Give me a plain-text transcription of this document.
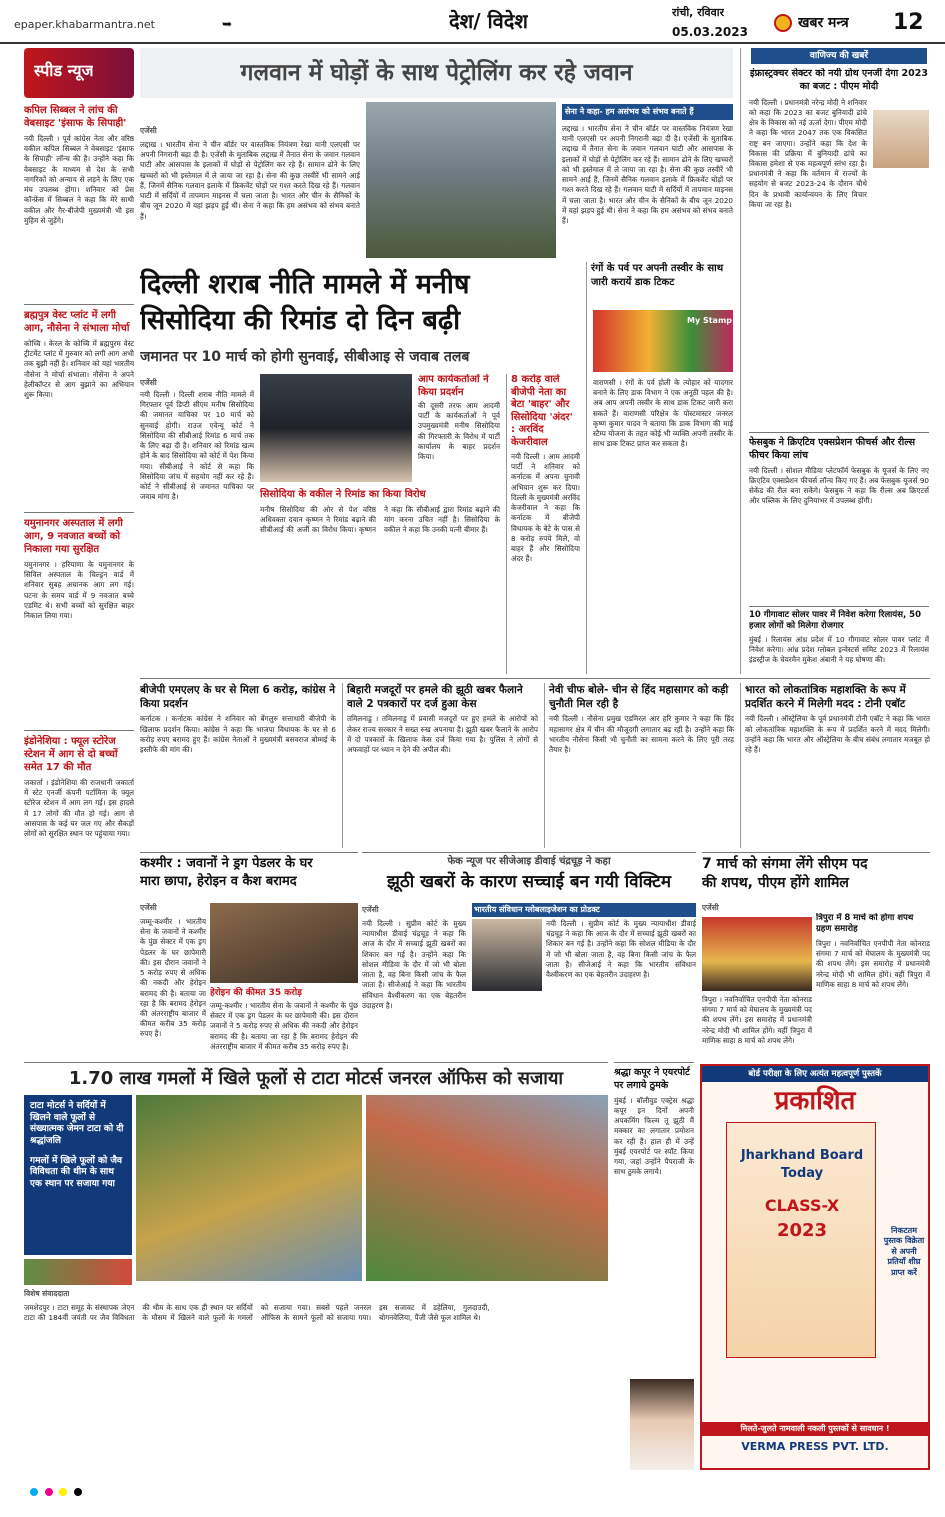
epaper.khabarmantra.net	➥	देश/ विदेश	रांची, रविवार
05.03.2023
खबर मन्त्र 12
स्पीड न्यूज
कपिल सिब्बल ने लांच की वेबसाइट 'इंसाफ के सिपाही'
नयी दिल्ली । पूर्व कांग्रेस नेता और वरिष्ठ वकील कपिल सिब्बल ने वेबसाइट 'इंसाफ के सिपाही' लॉन्च की है। उन्होंने कहा कि वेबसाइट के माध्यम से देश के सभी नागरिकों को अन्याय से लड़ने के लिए एक मंच उपलब्ध होगा। शनिवार को प्रेस कॉन्फ्रेंस में सिब्बल ने कहा कि मेरे साथी वकील और गैर-बीजेपी मुख्यमंत्री भी इस मुहिम से जुड़ेंगे।
ब्रह्मपुत्र वेस्ट प्लांट में लगी आग, नौसेना ने संभाला मोर्चा
कोच्चि । केरल के कोच्चि में ब्रह्मपुरम वेस्ट ट्रीटमेंट प्लांट में गुरुवार को लगी आग अभी तक बुझी नहीं है। शनिवार को यहां भारतीय नौसेना ने मोर्चा संभाला। नौसेना ने अपने हेलीकॉप्टर से आग बुझाने का अभियान शुरू किया।
यमुनानगर अस्पताल में लगी आग, 9 नवजात बच्चों को निकाला गया सुरक्षित
यमुनानगर । हरियाणा के यमुनानगर के सिविल अस्पताल के चिल्ड्रन वार्ड में शनिवार सुबह अचानक आग लग गई। घटना के समय वार्ड में 9 नवजात बच्चे एडमिट थे। सभी बच्चों को सुरक्षित बाहर निकाल लिया गया।
इंडोनेशिया : फ्यूल स्टोरेज स्टेशन में आग से दो बच्चों समेत 17 की मौत
जकार्ता । इंडोनेशिया की राजधानी जकार्ता में स्टेट एनर्जी कंपनी पर्टामिना के फ्यूल स्टोरेज स्टेशन में आग लग गई। इस हादसे में 17 लोगों की मौत हो गई। आग से आसपास के कई घर जल गए और सैकड़ों लोगों को सुरक्षित स्थान पर पहुंचाया गया।
गलवान में घोड़ों के साथ पेट्रोलिंग कर रहे जवान
एजेंसी
लद्दाख । भारतीय सेना ने चीन बॉर्डर पर वास्तविक नियंत्रण रेखा यानी एलएसी पर अपनी निगरानी बढ़ा दी है। एजेंसी के मुताबिक लद्दाख में तैनात सेना के जवान गलवान घाटी और आसपास के इलाकों में घोड़ों से पेट्रोलिंग कर रहे हैं। सामान ढोने के लिए खच्चरों को भी इस्तेमाल में ले जाया जा रहा है। सेना की कुछ तस्वीरें भी सामने आई हैं, जिनमें सैनिक गलवान इलाके में फ्रिकवेंट घोड़ों पर गश्त करते दिख रहे हैं। गलवान घाटी में सर्दियों में तापमान माइनस में चला जाता है। भारत और चीन के सैनिकों के बीच जून 2020 में यहां झड़प हुई थी। सेना ने कहा कि हम असंभव को संभव बनाते हैं।
सेना ने कहा- हम असंभव को संभव बनाते हैं
लद्दाख । भारतीय सेना ने चीन बॉर्डर पर वास्तविक नियंत्रण रेखा यानी एलएसी पर अपनी निगरानी बढ़ा दी है। एजेंसी के मुताबिक लद्दाख में तैनात सेना के जवान गलवान घाटी और आसपास के इलाकों में घोड़ों से पेट्रोलिंग कर रहे हैं। सामान ढोने के लिए खच्चरों को भी इस्तेमाल में ले जाया जा रहा है। सेना की कुछ तस्वीरें भी सामने आई हैं, जिनमें सैनिक गलवान इलाके में फ्रिकवेंट घोड़ों पर गश्त करते दिख रहे हैं। गलवान घाटी में सर्दियों में तापमान माइनस में चला जाता है। भारत और चीन के सैनिकों के बीच जून 2020 में यहां झड़प हुई थी। सेना ने कहा कि हम असंभव को संभव बनाते हैं।
वाणिज्य की खबरें
इंफ्रास्ट्रक्चर सेक्टर को नयी ग्रोथ एनर्जी देगा 2023 का बजट : पीएम मोदी
नयी दिल्ली । प्रधानमंत्री नरेन्द्र मोदी ने शनिवार को कहा कि 2023 का बजट बुनियादी ढांचे क्षेत्र के विकास को नई ऊर्जा देगा। पीएम मोदी ने कहा कि भारत 2047 तक एक विकसित राष्ट्र बन जाएगा। उन्होंने कहा कि देश के विकास की प्रक्रिया में बुनियादी ढांचे का विकास हमेशा से एक महत्वपूर्ण स्तंभ रहा है। प्रधानमंत्री ने कहा कि वर्तमान में राज्यों के सहयोग से बजट 2023-24 के दौरान चौथे दिन के प्रभावी कार्यान्वयन के लिए विचार किया जा रहा है।
फेसबुक ने क्रिएटिव एक्सप्रेशन फीचर्स और रील्स फीचर किया लांच
नयी दिल्ली । सोशल मीडिया प्लेटफॉर्म फेसबुक के यूजर्स के लिए नए क्रिएटिव एक्सप्रेशन फीचर्स लॉन्च किए गए हैं। अब फेसबुक यूजर्स 90 सेकेंड की रील बना सकेंगे। फेसबुक ने कहा कि रील्स अब क्रिएटर्स और पब्लिक के लिए दुनियाभर में उपलब्ध होंगी।
10 गीगावाट सोलर पावर में निवेश करेगा रिलायंस, 50 हजार लोगों को मिलेगा रोजगार
मुंबई । रिलायंस आंध्र प्रदेश में 10 गीगावाट सोलर पावर प्लांट में निवेश करेगा। आंध्र प्रदेश ग्लोबल इन्वेस्टर्स समिट 2023 में रिलायंस इंडस्ट्रीज के चेयरमैन मुकेश अंबानी ने यह घोषणा की।
दिल्ली शराब नीति मामले में मनीष
सिसोदिया की रिमांड दो दिन बढ़ी
जमानत पर 10 मार्च को होगी सुनवाई, सीबीआइ से जवाब तलब
एजेंसी
नयी दिल्ली । दिल्ली शराब नीति मामले में गिरफ्तार पूर्व डिप्टी सीएम मनीष सिसोदिया की जमानत याचिका पर 10 मार्च को सुनवाई होगी। राउज एवेन्यू कोर्ट ने सिसोदिया की सीबीआई रिमांड 6 मार्च तक के लिए बढ़ा दी है। शनिवार को रिमांड खत्म होने के बाद सिसोदिया को कोर्ट में पेश किया गया। सीबीआई ने कोर्ट से कहा कि सिसोदिया जांच में सहयोग नहीं कर रहे हैं। कोर्ट ने सीबीआई से जमानत याचिका पर जवाब मांगा है।
आप कार्यकर्ताओं ने किया प्रदर्शन
की दूसरी तरफ आम आदमी पार्टी के कार्यकर्ताओं ने पूर्व उपमुख्यमंत्री मनीष सिसोदिया की गिरफ्तारी के विरोध में पार्टी कार्यालय के बाहर प्रदर्शन किया।
सिसोदिया के वकील ने रिमांड का किया विरोध
मनीष सिसोदिया की ओर से पेश वरिष्ठ अधिवक्ता दयान कृष्णन ने रिमांड बढ़ाने की सीबीआई की अर्जी का विरोध किया। कृष्णन ने कहा कि सीबीआई द्वारा रिमांड बढ़ाने की मांग करना उचित नहीं है। सिसोदिया के वकील ने कहा कि उनकी पत्नी बीमार हैं।
8 करोड़ वाले बीजेपी नेता का बेटा 'बाहर' और सिसोदिया 'अंदर' : अरविंद केजरीवाल
नयी दिल्ली । आम आदमी पार्टी ने शनिवार को कर्नाटक में अपना चुनावी अभियान शुरू कर दिया। दिल्ली के मुख्यमंत्री अरविंद केजरीवाल ने कहा कि कर्नाटक में बीजेपी विधायक के बेटे के पास से 8 करोड़ रुपये मिले, वो बाहर हैं और सिसोदिया अंदर हैं।
रंगों के पर्व पर अपनी तस्वीर के साथ जारी करायें डाक टिकट
My Stamp
वाराणसी । रंगों के पर्व होली के त्योहार को यादगार बनाने के लिए डाक विभाग ने एक अनूठी पहल की है। अब आप अपनी तस्वीर के साथ डाक टिकट जारी करा सकते हैं। वाराणसी परिक्षेत्र के पोस्टमास्टर जनरल कृष्ण कुमार यादव ने बताया कि डाक विभाग की माई स्टैम्प योजना के तहत कोई भी व्यक्ति अपनी तस्वीर के साथ डाक टिकट प्राप्त कर सकता है।
बीजेपी एमएलए के घर से मिला 6 करोड़, कांग्रेस ने किया प्रदर्शन
कर्नाटक । कर्नाटक कांग्रेस ने शनिवार को बेंगलुरु सत्ताधारी बीजेपी के खिलाफ प्रदर्शन किया। कांग्रेस ने कहा कि भाजपा विधायक के घर से 6 करोड़ रुपए बरामद हुए हैं। कांग्रेस नेताओं ने मुख्यमंत्री बसवराज बोम्मई के इस्तीफे की मांग की।
बिहारी मजदूरों पर हमले की झूठी खबर फैलाने वाले 2 पत्रकारों पर दर्ज हुआ केस
तमिलनाडु । तमिलनाडु में प्रवासी मजदूरों पर हुए हमले के आरोपों को लेकर राज्य सरकार ने सख्त रुख अपनाया है। झूठी खबर फैलाने के आरोप में दो पत्रकारों के खिलाफ केस दर्ज किया गया है। पुलिस ने लोगों से अफवाहों पर ध्यान न देने की अपील की।
नेवी चीफ बोले- चीन से हिंद महासागर को कड़ी चुनौती मिल रही है
नयी दिल्ली । नौसेना प्रमुख एडमिरल आर हरि कुमार ने कहा कि हिंद महासागर क्षेत्र में चीन की मौजूदगी लगातार बढ़ रही है। उन्होंने कहा कि भारतीय नौसेना किसी भी चुनौती का सामना करने के लिए पूरी तरह तैयार है।
भारत को लोकतांत्रिक महाशक्ति के रूप में प्रदर्शित करने में मिलेगी मदद : टोनी एबॉट
नयी दिल्ली । ऑस्ट्रेलिया के पूर्व प्रधानमंत्री टोनी एबॉट ने कहा कि भारत को लोकतांत्रिक महाशक्ति के रूप में प्रदर्शित करने में मदद मिलेगी। उन्होंने कहा कि भारत और ऑस्ट्रेलिया के बीच संबंध लगातार मजबूत हो रहे हैं।
कश्मीर : जवानों ने ड्रग पेडलर के घर
मारा छापा, हेरोइन व कैश बरामद
एजेंसी
जम्मू-कश्मीर । भारतीय सेना के जवानों ने कश्मीर के पुंछ सेक्टर में एक ड्रग पेडलर के घर छापेमारी की। इस दौरान जवानों ने 5 करोड़ रुपए से अधिक की नकदी और हेरोइन बरामद की है। बताया जा रहा है कि बरामद हेरोइन की अंतरराष्ट्रीय बाजार में कीमत करीब 35 करोड़ रुपए है।
हेरोइन की कीमत 35 करोड़
जम्मू-कश्मीर । भारतीय सेना के जवानों ने कश्मीर के पुंछ सेक्टर में एक ड्रग पेडलर के घर छापेमारी की। इस दौरान जवानों ने 5 करोड़ रुपए से अधिक की नकदी और हेरोइन बरामद की है। बताया जा रहा है कि बरामद हेरोइन की अंतरराष्ट्रीय बाजार में कीमत करीब 35 करोड़ रुपए है।
फेक न्यूज पर सीजेआइ डीवाई चंद्रचूड़ ने कहा
झूठी खबरों के कारण सच्चाई बन गयी विक्टिम
एजेंसी
नयी दिल्ली । सुप्रीम कोर्ट के मुख्य न्यायाधीश डीवाई चंद्रचूड़ ने कहा कि आज के दौर में सच्चाई झूठी खबरों का शिकार बन गई है। उन्होंने कहा कि सोशल मीडिया के दौर में जो भी बोला जाता है, वह बिना किसी जांच के फैल जाता है। सीजेआई ने कहा कि भारतीय संविधान वैश्वीकरण का एक बेहतरीन उदाहरण है।
भारतीय संविधान ग्लोबलाइजेशन का प्रोडक्ट
नयी दिल्ली । सुप्रीम कोर्ट के मुख्य न्यायाधीश डीवाई चंद्रचूड़ ने कहा कि आज के दौर में सच्चाई झूठी खबरों का शिकार बन गई है। उन्होंने कहा कि सोशल मीडिया के दौर में जो भी बोला जाता है, वह बिना किसी जांच के फैल जाता है। सीजेआई ने कहा कि भारतीय संविधान वैश्वीकरण का एक बेहतरीन उदाहरण है।
7 मार्च को संगमा लेंगे सीएम पद
की शपथ, पीएम होंगे शामिल
एजेंसी
त्रिपुरा में 8 मार्च को होगा शपथ ग्रहण समारोह
त्रिपुरा । नवनिर्वाचित एनपीपी नेता कोनराड संगमा 7 मार्च को मेघालय के मुख्यमंत्री पद की शपथ लेंगे। इस समारोह में प्रधानमंत्री नरेन्द्र मोदी भी शामिल होंगे। वहीं त्रिपुरा में माणिक साहा 8 मार्च को शपथ लेंगे।
त्रिपुरा । नवनिर्वाचित एनपीपी नेता कोनराड संगमा 7 मार्च को मेघालय के मुख्यमंत्री पद की शपथ लेंगे। इस समारोह में प्रधानमंत्री नरेन्द्र मोदी भी शामिल होंगे। वहीं त्रिपुरा में माणिक साहा 8 मार्च को शपथ लेंगे।
1.70 लाख गमलों में खिले फूलों से टाटा मोटर्स जनरल ऑफिस को सजाया
टाटा मोटर्स ने सर्दियों में खिलने वाले फूलों से संख्यात्मक जेमन टाटा को दी श्रद्धांजलि
गमलों में खिले फूलों को जैव विविधता की थीम के साथ एक स्थान पर सजाया गया
विशेष संवाददाता
जमशेदपुर । टाटा समूह के संस्थापक जेएन टाटा की 184वीं जयंती पर जैव विविधता की थीम के साथ एक ही स्थान पर सर्दियों के मौसम में खिलने वाले फूलों के गमलों को सजाया गया। सबसे पहले जनरल ऑफिस के सामने फूलों को सजाया गया। इस सजावट में डहेलिया, गुलदाउदी, बोगनवेलिया, पैंजी जैसे फूल शामिल थे।
श्रद्धा कपूर ने एयरपोर्ट पर लगाये ठुमके
मुंबई । बॉलीवुड एक्ट्रेस श्रद्धा कपूर इन दिनों अपनी अपकमिंग फिल्म तू झूठी मैं मक्कार का लगातार प्रमोशन कर रही हैं। हाल ही में उन्हें मुंबई एयरपोर्ट पर स्पॉट किया गया, जहां उन्होंने पैपराजी के साथ ठुमके लगाये।
बोर्ड परीक्षा के लिए अत्यंत महत्वपूर्ण पुस्तकें
प्रकाशित
Jharkhand Board Today
CLASS-X
2023	निकटतम पुस्तक विक्रेता से अपनी प्रतियाँ शीघ्र प्राप्त करें
मिलते-जुलते नामवाली नकली पुस्तकों से सावधान !
VERMA PRESS PVT. LTD.
